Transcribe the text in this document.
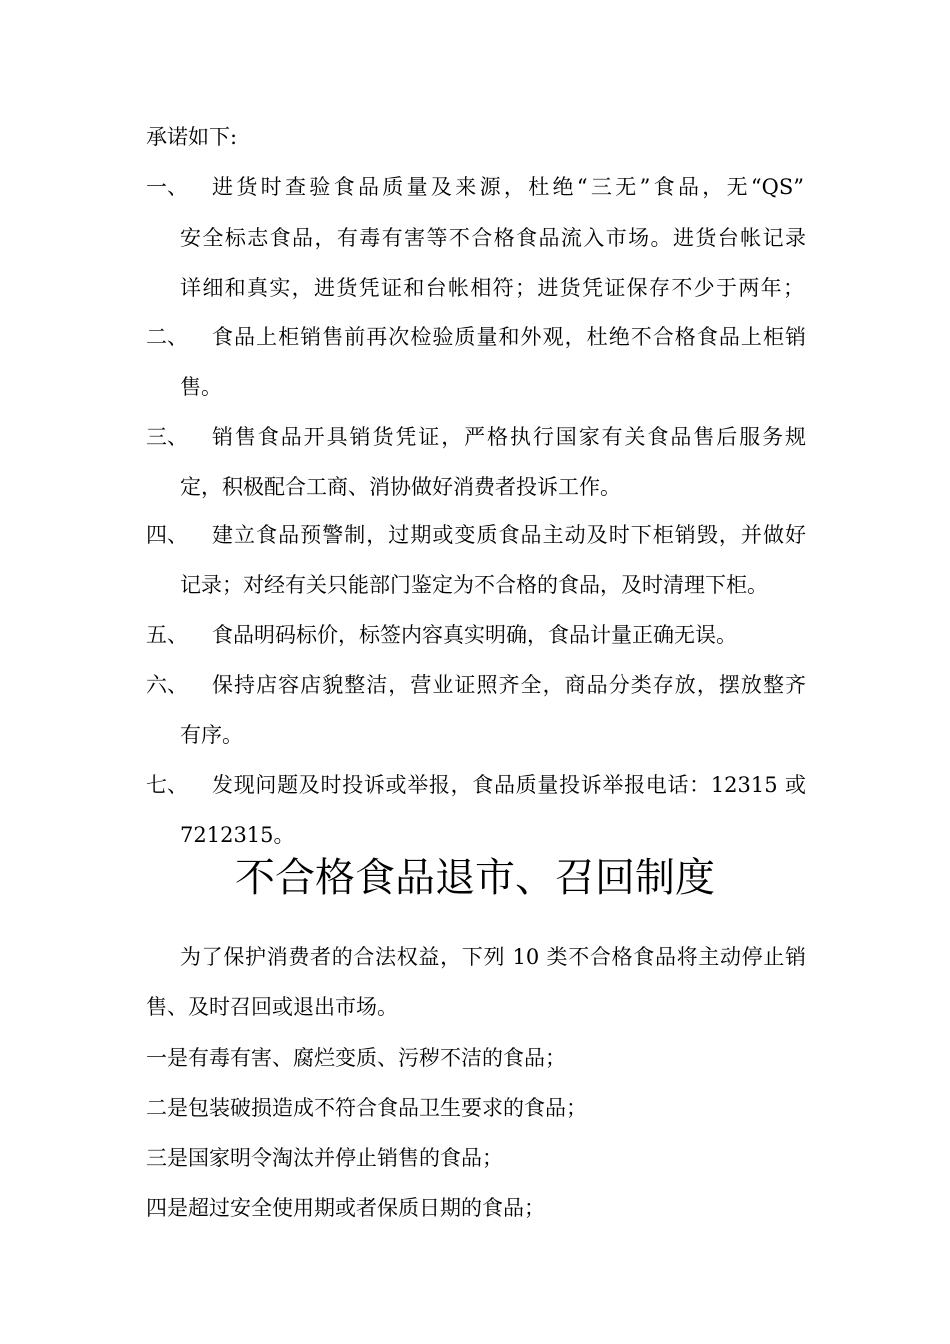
承诺如下:
一、 进货时查验食品质量及来源，杜绝“三无”食品，无“QS”
安全标志食品，有毒有害等不合格食品流入市场。进货台帐记录
详细和真实，进货凭证和台帐相符；进货凭证保存不少于两年；
二、 食品上柜销售前再次检验质量和外观，杜绝不合格食品上柜销
售。
三、 销售食品开具销货凭证，严格执行国家有关食品售后服务规
定，积极配合工商、消协做好消费者投诉工作。
四、 建立食品预警制，过期或变质食品主动及时下柜销毁，并做好
记录；对经有关只能部门鉴定为不合格的食品，及时清理下柜。
五、 食品明码标价，标签内容真实明确，食品计量正确无误。
六、 保持店容店貌整洁，营业证照齐全，商品分类存放，摆放整齐
有序。
七、 发现问题及时投诉或举报，食品质量投诉举报电话：12315 或
7212315。
不合格食品退市、召回制度
为了保护消费者的合法权益，下列 10 类不合格食品将主动停止销
售、及时召回或退出市场。
一是有毒有害、腐烂变质、污秽不洁的食品；
二是包装破损造成不符合食品卫生要求的食品；
三是国家明令淘汰并停止销售的食品；
四是超过安全使用期或者保质日期的食品；
